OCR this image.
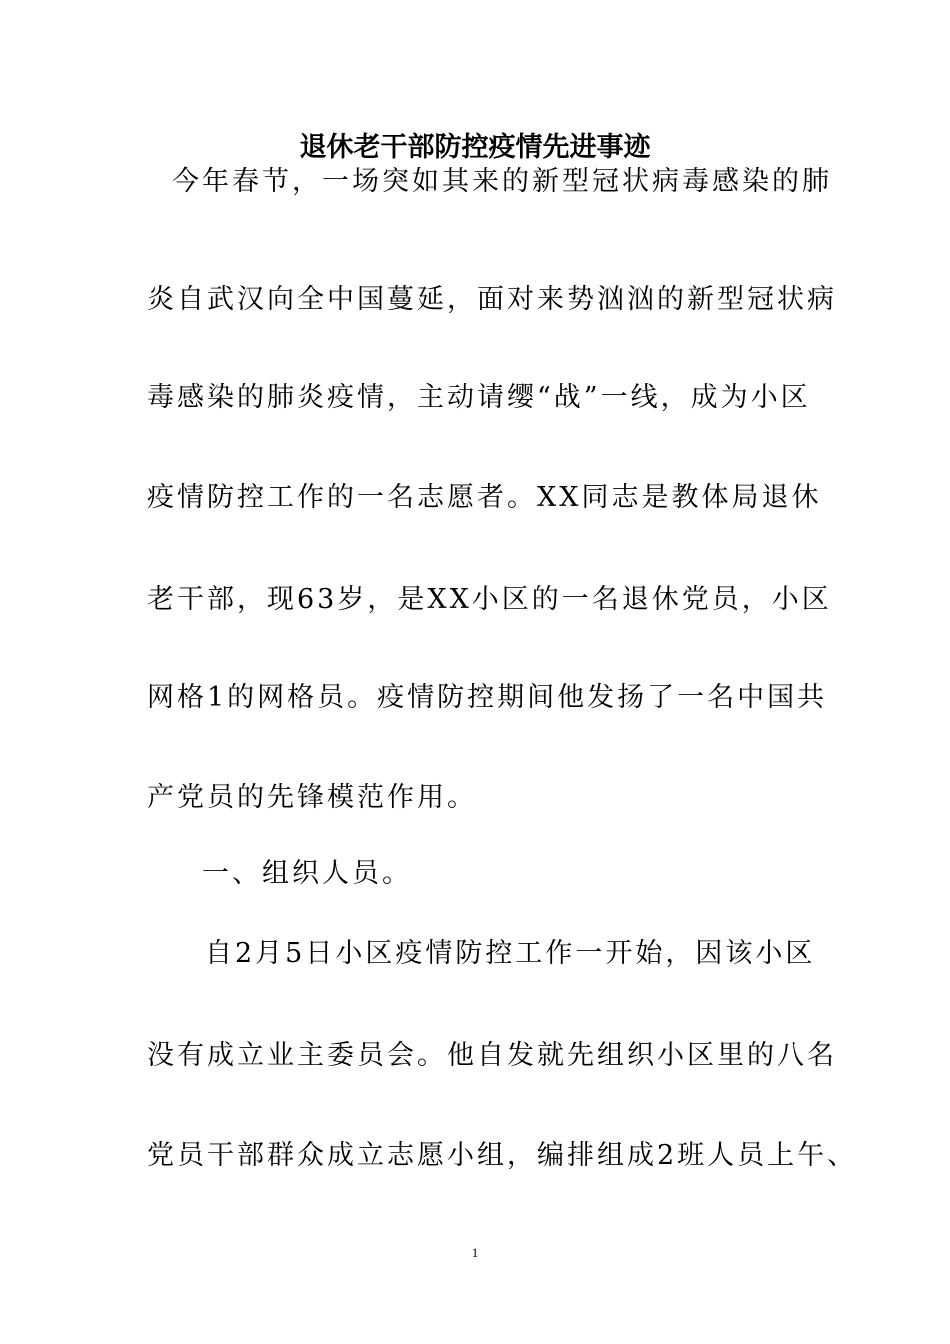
退休老干部防控疫情先进事迹
今年春节，一场突如其来的新型冠状病毒感染的肺
炎自武汉向全中国蔓延，面对来势汹汹的新型冠状病
毒感染的肺炎疫情，主动请缨“战”一线，成为小区
疫情防控工作的一名志愿者。XX同志是教体局退休
老干部，现63岁，是XX小区的一名退休党员，小区
网格1的网格员。疫情防控期间他发扬了一名中国共
产党员的先锋模范作用。
一、组织人员。
自2月5日小区疫情防控工作一开始，因该小区
没有成立业主委员会。他自发就先组织小区里的八名
党员干部群众成立志愿小组，编排组成2班人员上午、
1
